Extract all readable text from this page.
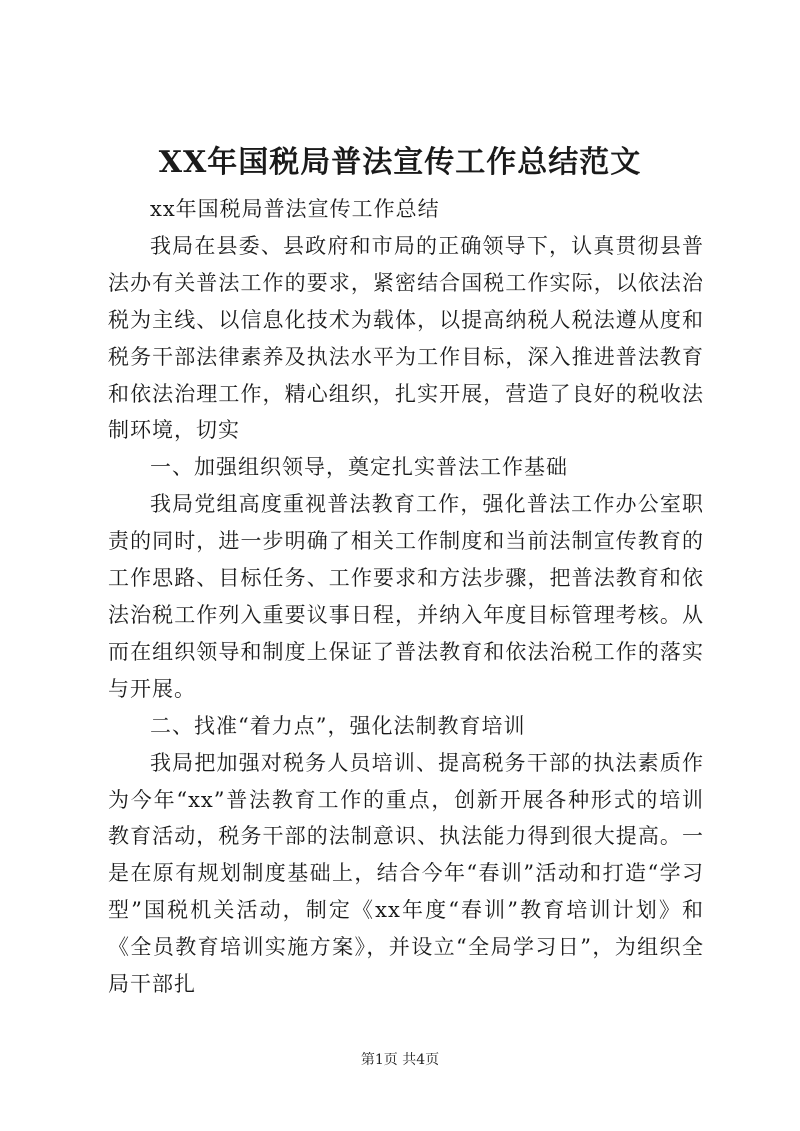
XX年国税局普法宣传工作总结范文

xx年国税局普法宣传工作总结

我局在县委、县政府和市局的正确领导下，认真贯彻县普法办有关普法工作的要求，紧密结合国税工作实际，以依法治税为主线、以信息化技术为载体，以提高纳税人税法遵从度和税务干部法律素养及执法水平为工作目标，深入推进普法教育和依法治理工作，精心组织，扎实开展，营造了良好的税收法制环境，切实

一、加强组织领导，奠定扎实普法工作基础

我局党组高度重视普法教育工作，强化普法工作办公室职责的同时，进一步明确了相关工作制度和当前法制宣传教育的工作思路、目标任务、工作要求和方法步骤，把普法教育和依法治税工作列入重要议事日程，并纳入年度目标管理考核。从而在组织领导和制度上保证了普法教育和依法治税工作的落实与开展。

二、找准“着力点”，强化法制教育培训

我局把加强对税务人员培训、提高税务干部的执法素质作为今年“xx”普法教育工作的重点，创新开展各种形式的培训教育活动，税务干部的法制意识、执法能力得到很大提高。一是在原有规划制度基础上，结合今年“春训”活动和打造“学习型”国税机关活动，制定《xx年度“春训”教育培训计划》和《全员教育培训实施方案》，并设立“全局学习日”，为组织全局干部扎

第1页 共4页
